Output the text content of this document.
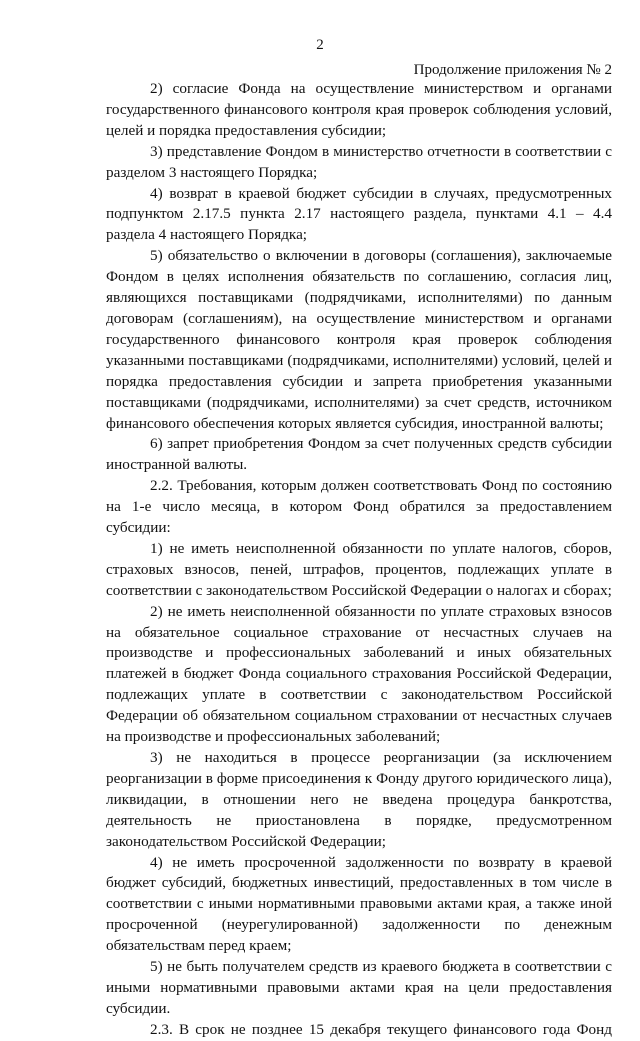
2
Продолжение приложения № 2

2) согласие Фонда на осуществление министерством и органами государственного финансового контроля края проверок соблюдения условий, целей и порядка предоставления субсидии;

3) представление Фондом в министерство отчетности в соответствии с разделом 3 настоящего Порядка;

4) возврат в краевой бюджет субсидии в случаях, предусмотренных подпунктом 2.17.5 пункта 2.17 настоящего раздела, пунктами 4.1 – 4.4 раздела 4 настоящего Порядка;

5) обязательство о включении в договоры (соглашения), заключаемые Фондом в целях исполнения обязательств по соглашению, согласия лиц, являющихся поставщиками (подрядчиками, исполнителями) по данным договорам (соглашениям), на осуществление министерством и органами государственного финансового контроля края проверок соблюдения указанными поставщиками (подрядчиками, исполнителями) условий, целей и порядка предоставления субсидии и запрета приобретения указанными поставщиками (подрядчиками, исполнителями) за счет средств, источником финансового обеспечения которых является субсидия, иностранной валюты;

6) запрет приобретения Фондом за счет полученных средств субсидии иностранной валюты.

2.2. Требования, которым должен соответствовать Фонд по состоянию на 1-е число месяца, в котором Фонд обратился за предоставлением субсидии:

1) не иметь неисполненной обязанности по уплате налогов, сборов, страховых взносов, пеней, штрафов, процентов, подлежащих уплате в соответствии с законодательством Российской Федерации о налогах и сборах;

2) не иметь неисполненной обязанности по уплате страховых взносов на обязательное социальное страхование от несчастных случаев на производстве и профессиональных заболеваний и иных обязательных платежей в бюджет Фонда социального страхования Российской Федерации, подлежащих уплате в соответствии с законодательством Российской Федерации об обязательном социальном страховании от несчастных случаев на производстве и профессиональных заболеваний;

3) не находиться в процессе реорганизации (за исключением реорганизации в форме присоединения к Фонду другого юридического лица), ликвидации, в отношении него не введена процедура банкротства, деятельность не приостановлена в порядке, предусмотренном законодательством Российской Федерации;

4) не иметь просроченной задолженности по возврату в краевой бюджет субсидий, бюджетных инвестиций, предоставленных в том числе в соответствии с иными нормативными правовыми актами края, а также иной просроченной (неурегулированной) задолженности по денежным обязательствам перед краем;

5) не быть получателем средств из краевого бюджета в соответствии с иными нормативными правовыми актами края на цели предоставления субсидии.

2.3. В срок не позднее 15 декабря текущего финансового года Фонд
